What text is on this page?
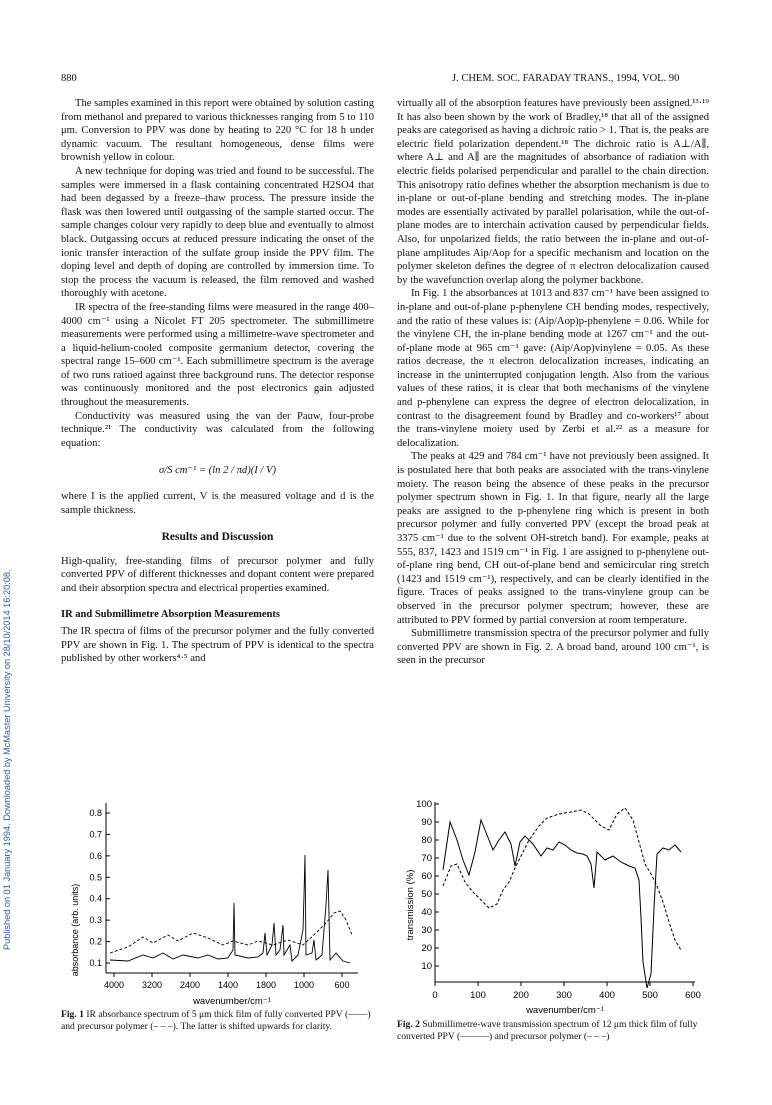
880	J. CHEM. SOC. FARADAY TRANS., 1994, VOL. 90
Published on 01 January 1994. Downloaded by McMaster University on 28/10/2014 16:20:08.

The samples examined in this report were obtained by solution casting from methanol and prepared to various thicknesses ranging from 5 to 110 μm. Conversion to PPV was done by heating to 220 °C for 18 h under dynamic vacuum. The resultant homogeneous, dense films were brownish yellow in colour.

A new technique for doping was tried and found to be successful. The samples were immersed in a flask containing concentrated H2SO4 that had been degassed by a freeze–thaw process. The pressure inside the flask was then lowered until outgassing of the sample started occur. The sample changes colour very rapidly to deep blue and eventually to almost black. Outgassing occurs at reduced pressure indicating the onset of the ionic transfer interaction of the sulfate group inside the PPV film. The doping level and depth of doping are controlled by immersion time. To stop the process the vacuum is released, the film removed and washed thoroughly with acetone.

IR spectra of the free-standing films were measured in the range 400–4000 cm⁻¹ using a Nicolet FT 205 spectrometer. The submillimetre measurements were performed using a millimetre-wave spectrometer and a liquid-helium-cooled composite germanium detector, covering the spectral range 15–600 cm⁻¹. Each submillimetre spectrum is the average of two runs ratioed against three background runs. The detector response was continuously monitored and the post electronics gain adjusted throughout the measurements.

Conductivity was measured using the van der Pauw, four-probe technique.²¹ The conductivity was calculated from the following equation:

σ/S cm⁻¹ = (ln 2 / πd)(I / V)

where I is the applied current, V is the measured voltage and d is the sample thickness.

Results and Discussion

High-quality, free-standing films of precursor polymer and fully converted PPV of different thicknesses and dopant content were prepared and their absorption spectra and electrical properties examined.

IR and Submillimetre Absorption Measurements

The IR spectra of films of the precursor polymer and the fully converted PPV are shown in Fig. 1. The spectrum of PPV is identical to the spectra published by other workers⁴·⁵ and

virtually all of the absorption features have previously been assigned.¹³·¹⁹ It has also been shown by the work of Bradley,¹⁸ that all of the assigned peaks are categorised as having a dichroic ratio > 1. That is, the peaks are electric field polarization dependent.¹⁸ The dichroic ratio is A⊥/A∥, where A⊥ and A∥ are the magnitudes of absorbance of radiation with electric fields polarised perpendicular and parallel to the chain direction. This anisotropy ratio defines whether the absorption mechanism is due to in-plane or out-of-plane bending and stretching modes. The in-plane modes are essentially activated by parallel polarisation, while the out-of-plane modes are to interchain activation caused by perpendicular fields. Also, for unpolarized fields, the ratio between the in-plane and out-of-plane amplitudes Aip/Aop for a specific mechanism and location on the polymer skeleton defines the degree of π electron delocalization caused by the wavefunction overlap along the polymer backbone.

In Fig. 1 the absorbances at 1013 and 837 cm⁻¹ have been assigned to in-plane and out-of-plane p-phenylene CH bending modes, respectively, and the ratio of these values is: (Aip/Aop)p-phenylene = 0.06. While for the vinylene CH, the in-plane bending mode at 1267 cm⁻¹ and the out-of-plane mode at 965 cm⁻¹ gave: (Aip/Aop)vinylene = 0.05. As these ratios decrease, the π electron delocalization increases, indicating an increase in the uninterrupted conjugation length. Also from the various values of these ratios, it is clear that both mechanisms of the vinylene and p-phenylene can express the degree of electron delocalization, in contrast to the disagreement found by Bradley and co-workers¹⁷ about the trans-vinylene moiety used by Zerbi et al.²² as a measure for delocalization.

The peaks at 429 and 784 cm⁻¹ have not previously been assigned. It is postulated here that both peaks are associated with the trans-vinylene moiety. The reason being the absence of these peaks in the precursor polymer spectrum shown in Fig. 1. In that figure, nearly all the large peaks are assigned to the p-phenylene ring which is present in both precursor polymer and fully converted PPV (except the broad peak at 3375 cm⁻¹ due to the solvent OH-stretch band). For example, peaks at 555, 837, 1423 and 1519 cm⁻¹ in Fig. 1 are assigned to p-phenylene out-of-plane ring bend, CH out-of-plane bend and semicircular ring stretch (1423 and 1519 cm⁻¹), respectively, and can be clearly identified in the figure. Traces of peaks assigned to the trans-vinylene group can be observed in the precursor polymer spectrum; however, these are attributed to PPV formed by partial conversion at room temperature.

Submillimetre transmission spectra of the precursor polymer and fully converted PPV are shown in Fig. 2. A broad band, around 100 cm⁻¹, is seen in the precursor

absorbance (arb. units) 0.1
0.2
0.3
0.4
0.5
0.6
0.7
0.8
4000 3200 2400 1400 1800 1000 600
wavenumber/cm⁻¹
Fig. 1 IR absorbance spectrum of 5 μm thick film of fully converted PPV (——) and precursor polymer (– – –). The latter is shifted upwards for clarity.
transmission (%)
10
20
30
40
50
60
70
80
90
100
0	100	200	300	400	500	600
wavenumber/cm⁻¹
Fig. 2 Submillimetre-wave transmission spectrum of 12 μm thick film of fully converted PPV (———) and precursor polymer (– – –)
